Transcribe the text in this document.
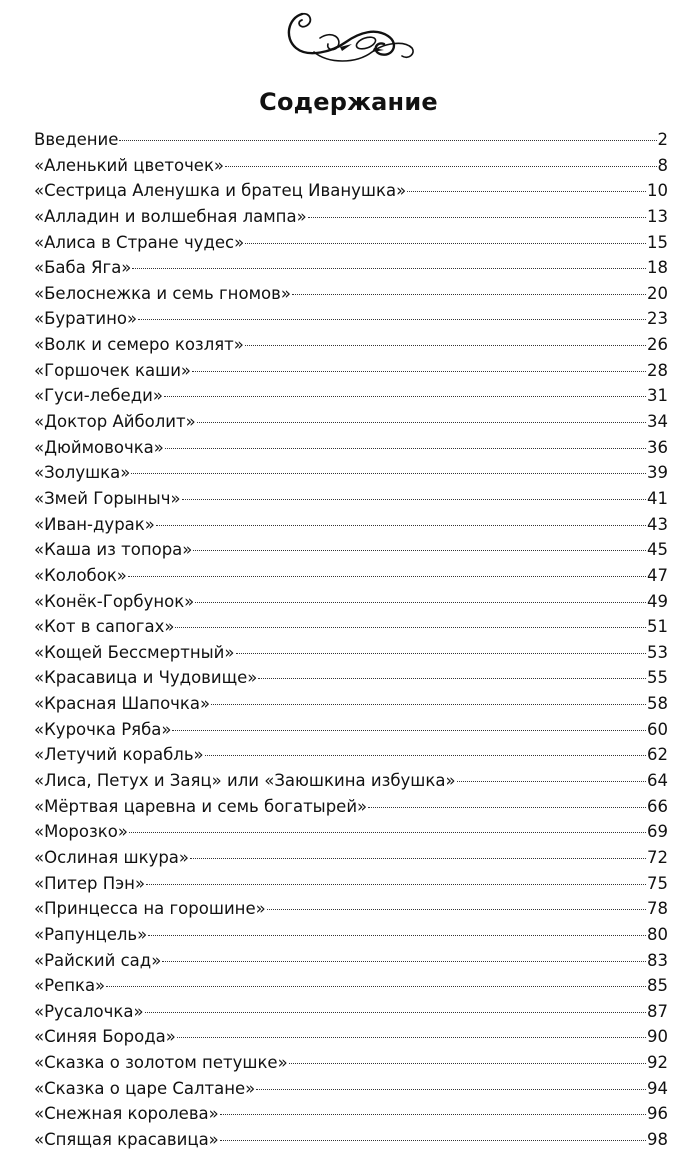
Содержание
Введение	2
«Аленький цветочек»	8
«Сестрица Аленушка и братец Иванушка»	10
«Алладин и волшебная лампа»	13
«Алиса в Стране чудес»	15
«Баба Яга»	18
«Белоснежка и семь гномов»	20
«Буратино»	23
«Волк и семеро козлят»	26
«Горшочек каши»	28
«Гуси-лебеди»	31
«Доктор Айболит»	34
«Дюймовочка»	36
«Золушка»	39
«Змей Горыныч»	41
«Иван-дурак»	43
«Каша из топора»	45
«Колобок»	47
«Конёк-Горбунок»	49
«Кот в сапогах»	51
«Кощей Бессмертный»	53
«Красавица и Чудовище»	55
«Красная Шапочка»	58
«Курочка Ряба»	60
«Летучий корабль»	62
«Лиса, Петух и Заяц» или «Заюшкина избушка»	64
«Мёртвая царевна и семь богатырей»	66
«Морозко»	69
«Ослиная шкура»	72
«Питер Пэн»	75
«Принцесса на горошине»	78
«Рапунцель»	80
«Райский сад»	83
«Репка»	85
«Русалочка»	87
«Синяя Борода»	90
«Сказка о золотом петушке»	92
«Сказка о царе Салтане»	94
«Снежная королева»	96
«Спящая красавица»	98
